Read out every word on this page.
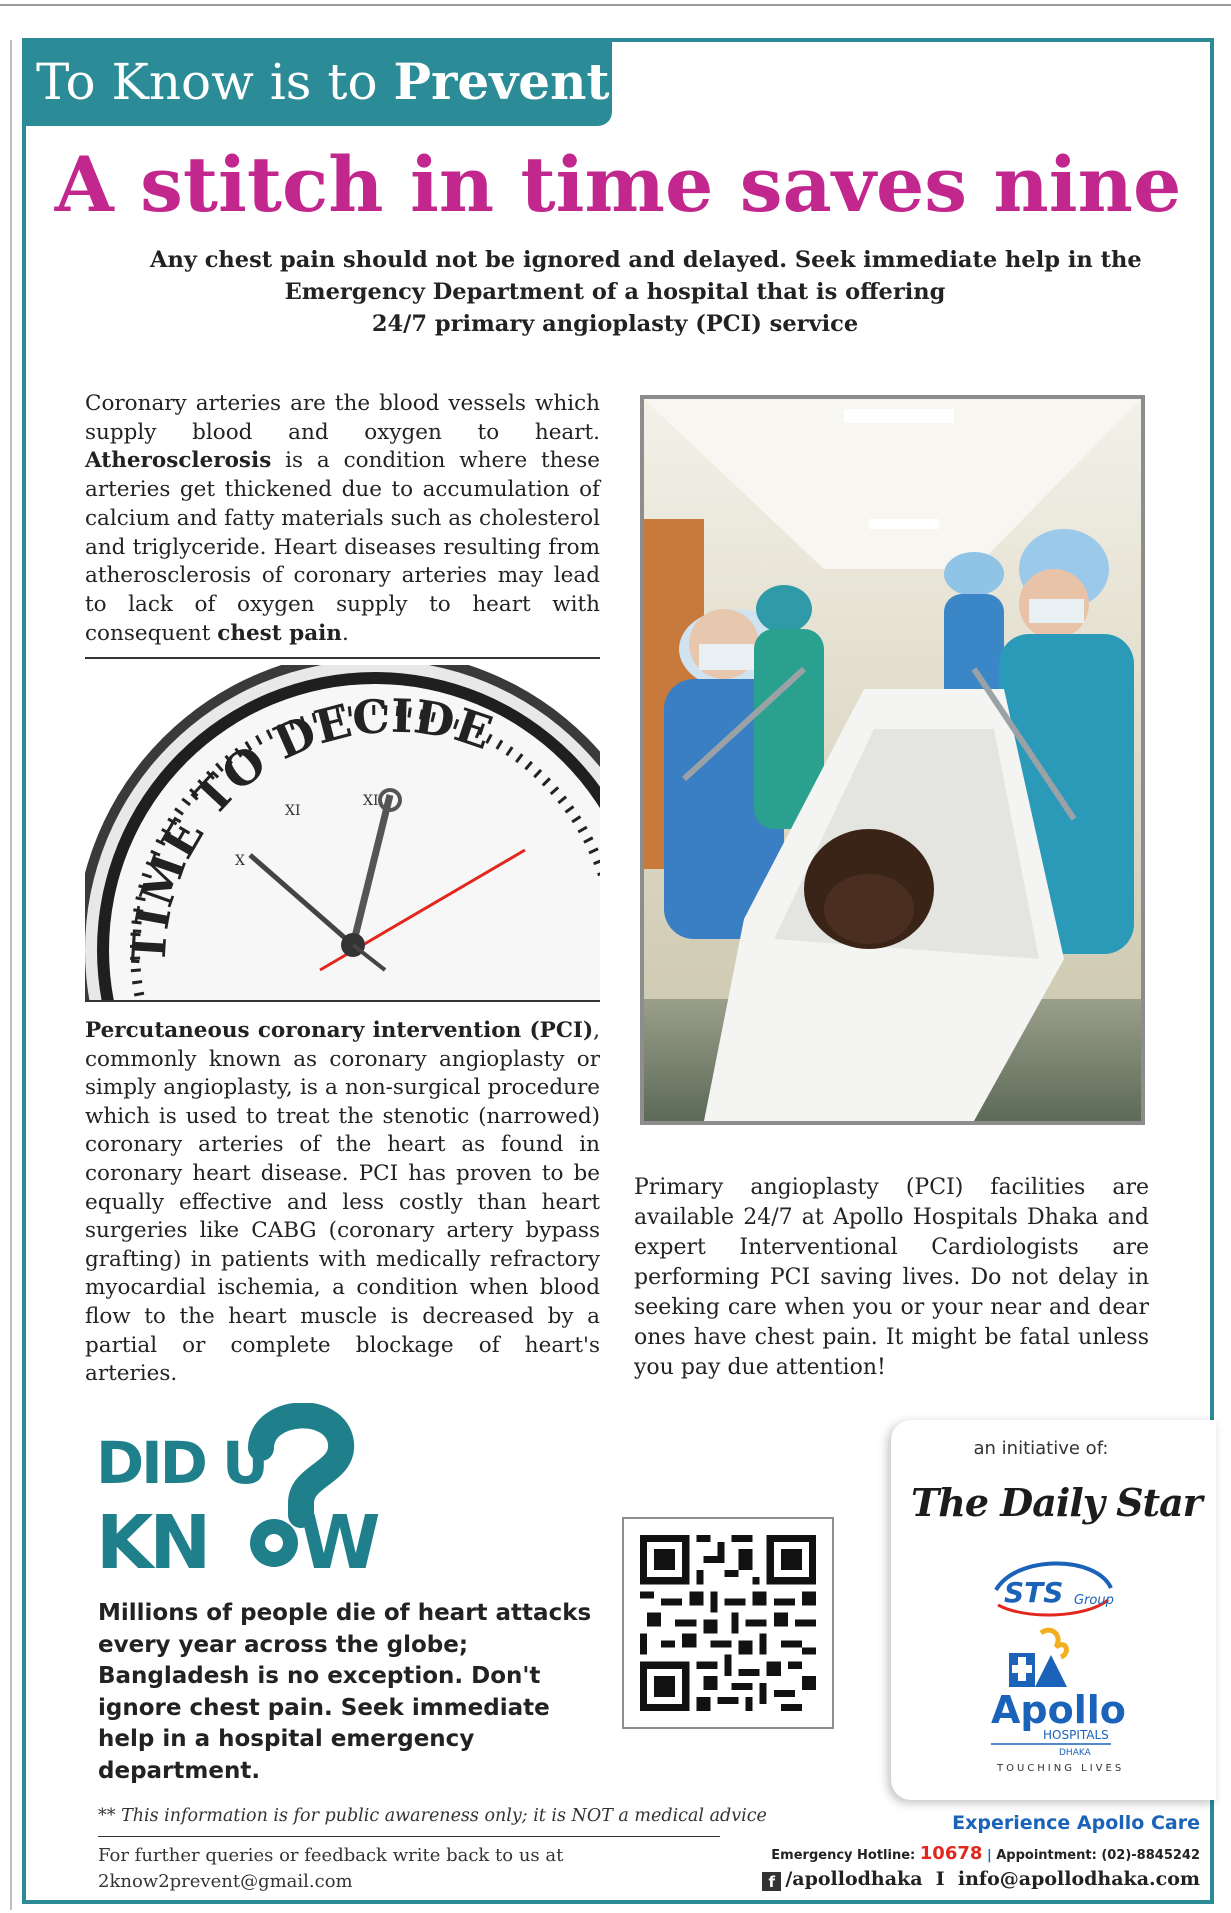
To Know is to Prevent
A stitch in time saves nine
Any chest pain should not be ignored and delayed. Seek immediate help in the
Emergency Department of a hospital that is offering
24/7 primary angioplasty (PCI) service
Coronary arteries are the blood vessels which supply blood and oxygen to heart. Atherosclerosis is a condition where these arteries get thickened due to accumulation of calcium and fatty materials such as cholesterol and triglyceride. Heart diseases resulting from atherosclerosis of coronary arteries may lead to lack of oxygen supply to heart with consequent chest pain.
TIME TO DECIDE
XI
XII
X
Percutaneous coronary intervention (PCI), commonly known as coronary angioplasty or simply angioplasty, is a non-surgical procedure which is used to treat the stenotic (narrowed) coronary arteries of the heart as found in coronary heart disease. PCI has proven to be equally effective and less costly than heart surgeries like CABG (coronary artery bypass grafting) in patients with medically refractory myocardial ischemia, a condition when blood flow to the heart muscle is decreased by a partial or complete blockage of heart's arteries.
Primary angioplasty (PCI) facilities are available 24/7 at Apollo Hospitals Dhaka and expert Interventional Cardiologists are performing PCI saving lives. Do not delay in seeking care when you or your near and dear ones have chest pain. It might be fatal unless you pay due attention!
DID U
KN W
Millions of people die of heart attacks every year across the globe; Bangladesh is no exception. Don't ignore chest pain. Seek immediate help in a hospital emergency department.
an initiative of:
The Daily Star
STS Group
Apollo
HOSPITALS
DHAKA
TOUCHING LIVES
** This information is for public awareness only; it is NOT a medical advice
For further queries or feedback write back to us at
2know2prevent@gmail.com
Experience Apollo Care
Emergency Hotline: 10678 | Appointment: (02)-8845242
f /apollodhaka  I  info@apollodhaka.com
